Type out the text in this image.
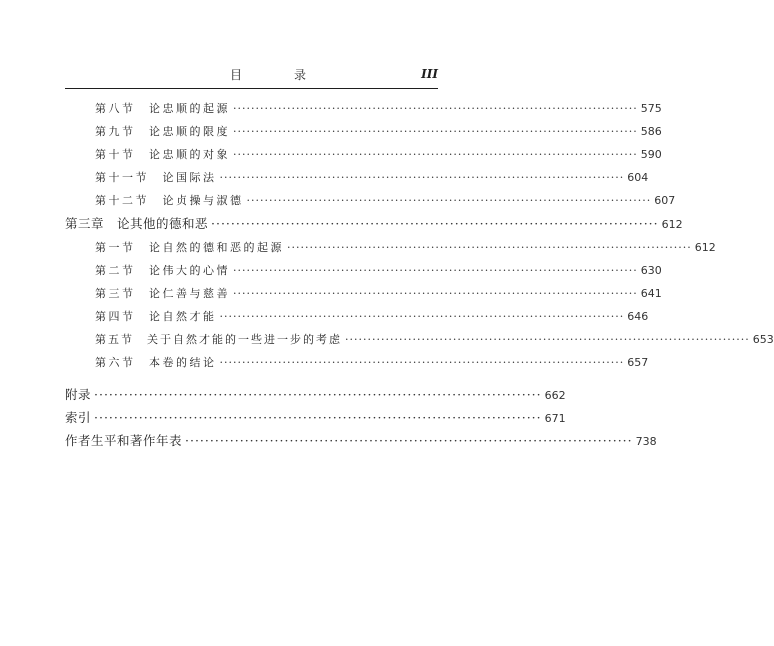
目　录	III
第八节　论忠顺的起源 ·························································································· 575
第九节　论忠顺的限度 ·························································································· 586
第十节　论忠顺的对象 ·························································································· 590
第十一节　论国际法 ·························································································· 604
第十二节　论贞操与淑德 ·························································································· 607
第三章　论其他的德和恶 ·························································································· 612
第一节　论自然的德和恶的起源 ·························································································· 612
第二节　论伟大的心情 ·························································································· 630
第三节　论仁善与慈善 ·························································································· 641
第四节　论自然才能 ·························································································· 646
第五节　关于自然才能的一些进一步的考虑 ·························································································· 653
第六节　本卷的结论 ·························································································· 657
附录 ·························································································· 662
索引 ·························································································· 671
作者生平和著作年表 ·························································································· 738
